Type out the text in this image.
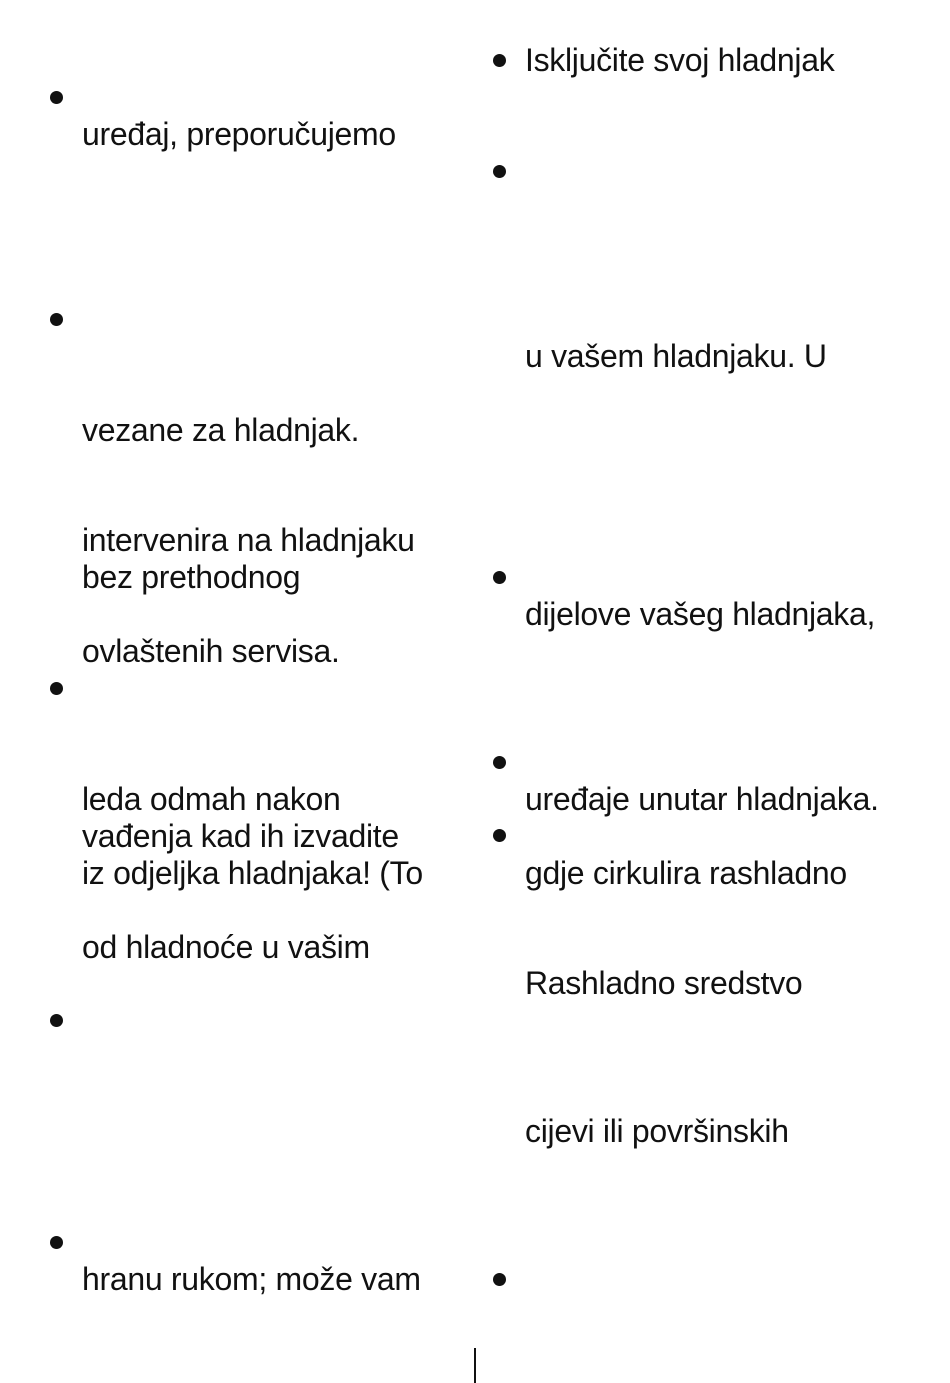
uređaj, preporučujemo
vezane za hladnjak.
intervenira na hladnjaku
bez prethodnog
ovlaštenih servisa.
leda odmah nakon
vađenja kad ih izvadite
iz odjeljka hladnjaka! (To
od hladnoće u vašim
hranu rukom; može vam
Isključite svoj hladnjak
u vašem hladnjaku. U
dijelove vašeg hladnjaka,
uređaje unutar hladnjaka.
gdje cirkulira rashladno
Rashladno sredstvo
cijevi ili površinskih
